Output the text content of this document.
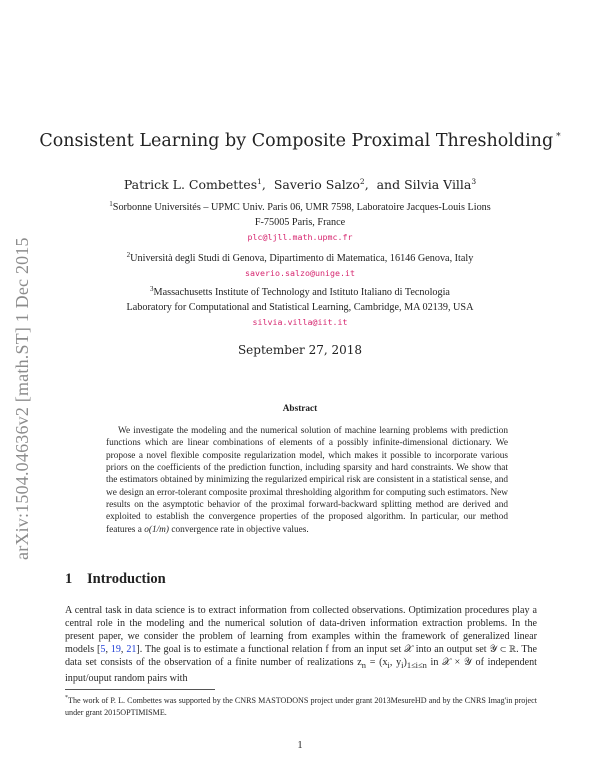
arXiv:1504.04636v2 [math.ST] 1 Dec 2015
Consistent Learning by Composite Proximal Thresholding *
Patrick L. Combettes$^1$,  Saverio Salzo$^2$,  and Silvia Villa$^3$
$^1$Sorbonne Universités – UPMC Univ. Paris 06, UMR 7598, Laboratoire Jacques-Louis Lions
F-75005 Paris, France
plc@ljll.math.upmc.fr
$^2$Università degli Studi di Genova, Dipartimento di Matematica, 16146 Genova, Italy
saverio.salzo@unige.it
$^3$Massachusetts Institute of Technology and Istituto Italiano di Tecnologia
Laboratory for Computational and Statistical Learning, Cambridge, MA 02139, USA
silvia.villa@iit.it
September 27, 2018
Abstract
We investigate the modeling and the numerical solution of machine learning problems with prediction functions which are linear combinations of elements of a possibly infinite-dimensional dictionary. We propose a novel flexible composite regularization model, which makes it possible to incorporate various priors on the coefficients of the prediction function, including sparsity and hard constraints. We show that the estimators obtained by minimizing the regularized empirical risk are consistent in a statistical sense, and we design an error-tolerant composite proximal thresholding algorithm for computing such estimators. New results on the asymptotic behavior of the proximal forward-backward splitting method are derived and exploited to establish the convergence properties of the proposed algorithm. In particular, our method features a o(1/m) convergence rate in objective values.
1 Introduction
A central task in data science is to extract information from collected observations. Optimization procedures play a central role in the modeling and the numerical solution of data-driven information extraction problems. In the present paper, we consider the problem of learning from examples within the framework of generalized linear models [5, 19, 21]. The goal is to estimate a functional relation f from an input set 𝒳 into an output set 𝒴 ⊂ ℝ. The data set consists of the observation of a finite number of realizations $z_n = (x_i$, $y_i)_{1\le i\le n}$ in 𝒳 × 𝒴 of independent input/ouput random pairs with
*The work of P. L. Combettes was supported by the CNRS MASTODONS project under grant 2013MesureHD and by the CNRS Imag'in project under grant 2015OPTIMISME.
1
